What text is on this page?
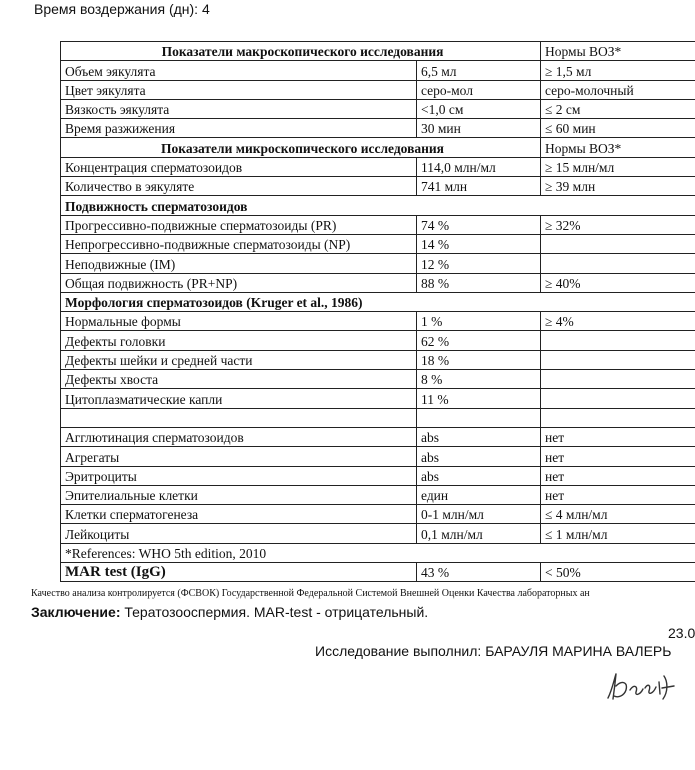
Время воздержания (дн): 4
Показатели макроскопического исследования		Нормы ВОЗ*
Объем эякулята	6,5 мл	≥ 1,5 мл
Цвет эякулята	серо-мол	серо-молочный
Вязкость эякулята	<1,0 см	≤ 2 см
Время разжижения	30 мин	≤ 60 мин
Показатели микроскопического исследования		Нормы ВОЗ*
Концентрация сперматозоидов	114,0 млн/мл	≥ 15 млн/мл
Количество в эякуляте	741 млн	≥ 39 млн
Подвижность сперматозоидов		
Прогрессивно-подвижные сперматозоиды (PR)	74 %	≥ 32%
Непрогрессивно-подвижные сперматозоиды (NP)	14 %	
Неподвижные (IM)	12 %	
Общая подвижность (PR+NP)	88 %	≥ 40%
Морфология сперматозоидов (Kruger et al., 1986)		
Нормальные формы	1 %	≥ 4%
Дефекты головки	62 %	
Дефекты шейки и средней части	18 %	
Дефекты хвоста	8 %	
Цитоплазматические капли	11 %	

Агглютинация сперматозоидов	abs	нет
Агрегаты	abs	нет
Эритроциты	abs	нет
Эпителиальные клетки	един	нет
Клетки сперматогенеза	0-1 млн/мл	≤ 4 млн/мл
Лейкоциты	0,1 млн/мл	≤ 1 млн/мл
*References: WHO 5th edition, 2010		
MAR test (IgG)	43 %	< 50%
Качество анализа контролируется (ФСВОК) Государственной Федеральной Системой Внешней Оценки Качества лабораторных ан
Заключение: Тератозооспермия. MAR-test - отрицательный.
23.0
Исследование выполнил: БАРАУЛЯ МАРИНА ВАЛЕРЬ
